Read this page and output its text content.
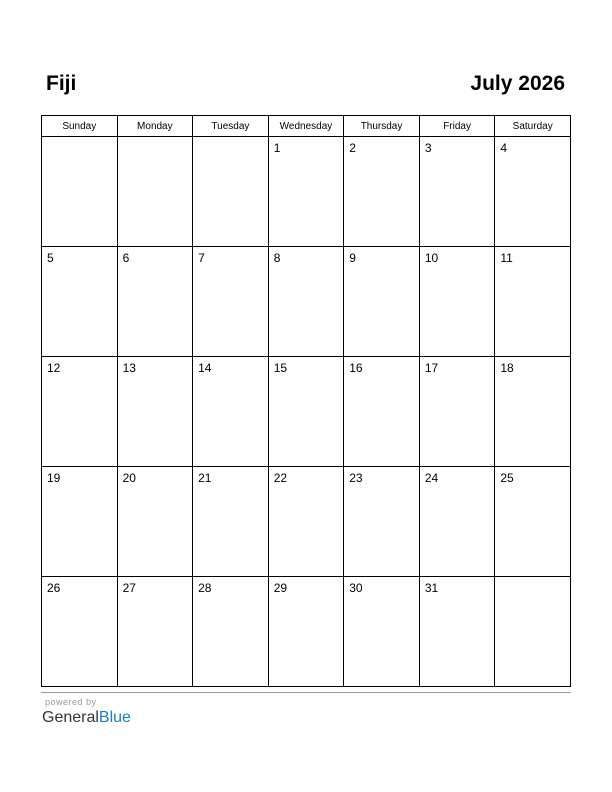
Fiji	July 2026
Sunday	Monday	Tuesday	Wednesday	Thursday	Friday	Saturday

			1	2	3	4

5	6	7	8	9	10	11

12	13	14	15	16	17	18

19	20	21	22	23	24	25

26	27	28	29	30	31	

powered by
GeneralBlue
